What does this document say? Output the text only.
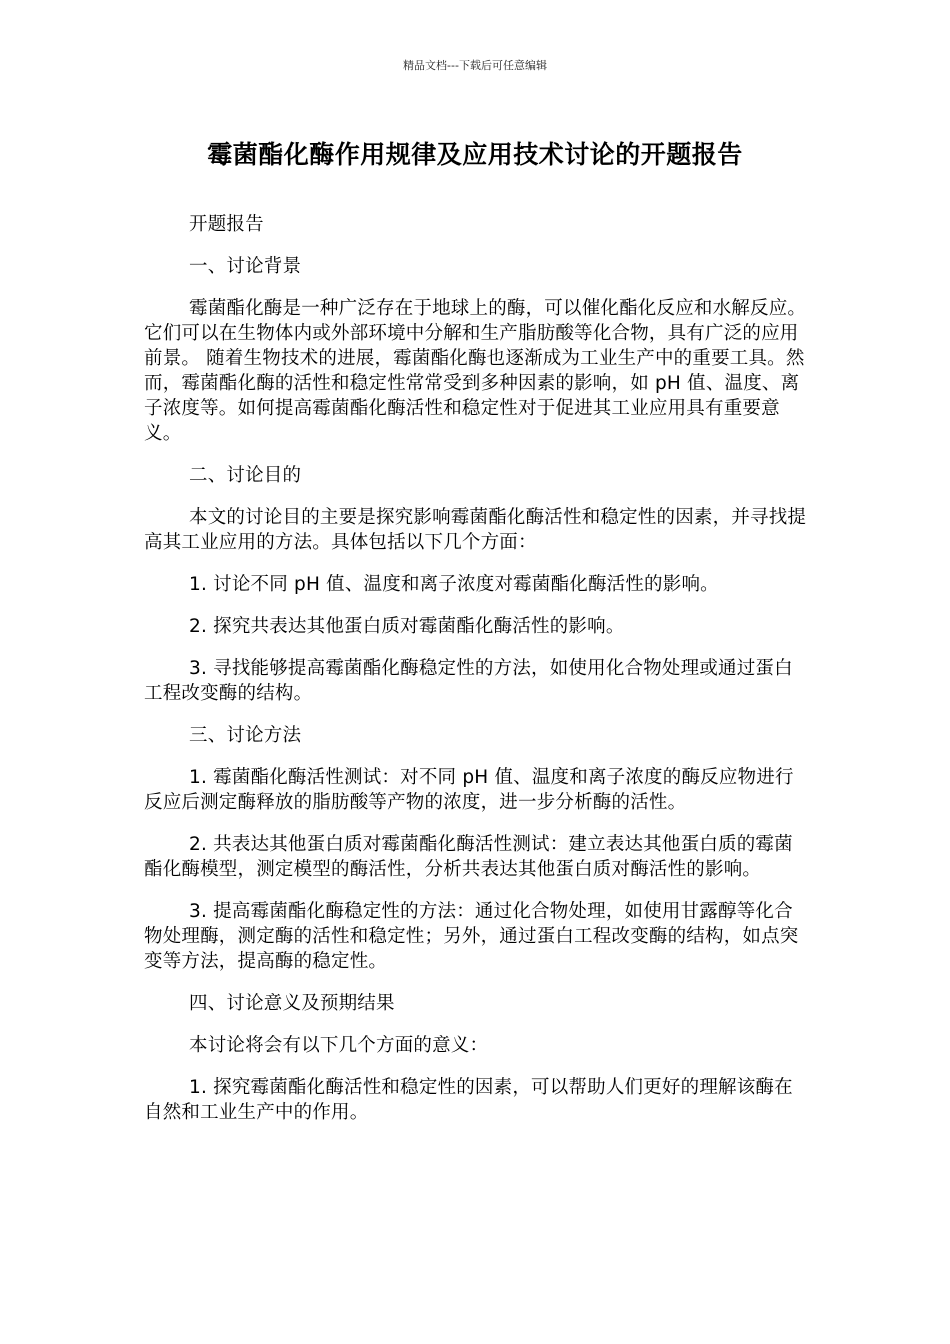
精品文档---下载后可任意编辑
霉菌酯化酶作用规律及应用技术讨论的开题报告

开题报告

一、讨论背景

霉菌酯化酶是一种广泛存在于地球上的酶，可以催化酯化反应和水解反应。它们可以在生物体内或外部环境中分解和生产脂肪酸等化合物，具有广泛的应用前景。 随着生物技术的进展，霉菌酯化酶也逐渐成为工业生产中的重要工具。然而，霉菌酯化酶的活性和稳定性常常受到多种因素的影响，如 pH 值、温度、离子浓度等。如何提高霉菌酯化酶活性和稳定性对于促进其工业应用具有重要意义。

二、讨论目的

本文的讨论目的主要是探究影响霉菌酯化酶活性和稳定性的因素，并寻找提高其工业应用的方法。具体包括以下几个方面：

1. 讨论不同 pH 值、温度和离子浓度对霉菌酯化酶活性的影响。

2. 探究共表达其他蛋白质对霉菌酯化酶活性的影响。

3. 寻找能够提高霉菌酯化酶稳定性的方法，如使用化合物处理或通过蛋白工程改变酶的结构。

三、讨论方法

1. 霉菌酯化酶活性测试：对不同 pH 值、温度和离子浓度的酶反应物进行反应后测定酶释放的脂肪酸等产物的浓度，进一步分析酶的活性。

2. 共表达其他蛋白质对霉菌酯化酶活性测试：建立表达其他蛋白质的霉菌酯化酶模型，测定模型的酶活性，分析共表达其他蛋白质对酶活性的影响。

3. 提高霉菌酯化酶稳定性的方法：通过化合物处理，如使用甘露醇等化合物处理酶，测定酶的活性和稳定性；另外，通过蛋白工程改变酶的结构，如点突变等方法，提高酶的稳定性。

四、讨论意义及预期结果

本讨论将会有以下几个方面的意义：

1. 探究霉菌酯化酶活性和稳定性的因素，可以帮助人们更好的理解该酶在自然和工业生产中的作用。
